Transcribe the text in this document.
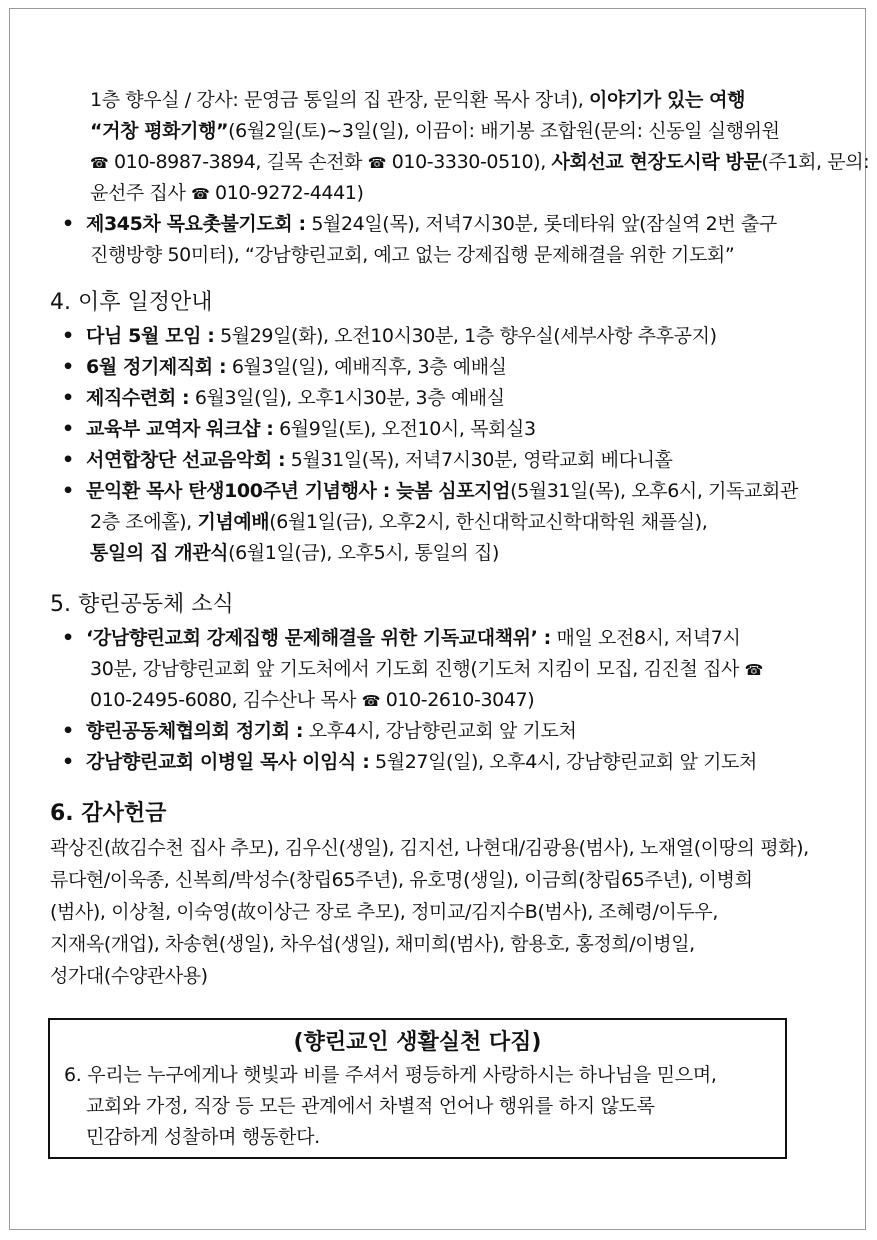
1층 향우실 / 강사: 문영금 통일의 집 관장, 문익환 목사 장녀), 이야기가 있는 여행
“거창 평화기행”(6월2일(토)~3일(일), 이끔이: 배기봉 조합원(문의: 신동일 실행위원
☎ 010-8987-3894, 길목 손전화 ☎ 010-3330-0510), 사회선교 현장도시락 방문(주1회, 문의:
윤선주 집사 ☎ 010-9272-4441)
• 제345차 목요촛불기도회 : 5월24일(목), 저녁7시30분, 롯데타워 앞(잠실역 2번 출구
진행방향 50미터), “강남향린교회, 예고 없는 강제집행 문제해결을 위한 기도회”
4. 이후 일정안내
• 다님 5월 모임 : 5월29일(화), 오전10시30분, 1층 향우실(세부사항 추후공지)
• 6월 정기제직회 : 6월3일(일), 예배직후, 3층 예배실
• 제직수련회 : 6월3일(일), 오후1시30분, 3층 예배실
• 교육부 교역자 워크샵 : 6월9일(토), 오전10시, 목회실3
• 서연합창단 선교음악회 : 5월31일(목), 저녁7시30분, 영락교회 베다니홀
• 문익환 목사 탄생100주년 기념행사 : 늦봄 심포지엄(5월31일(목), 오후6시, 기독교회관
2층 조에홀), 기념예배(6월1일(금), 오후2시, 한신대학교신학대학원 채플실),
통일의 집 개관식(6월1일(금), 오후5시, 통일의 집)
5. 향린공동체 소식
• ‘강남향린교회 강제집행 문제해결을 위한 기독교대책위’ : 매일 오전8시, 저녁7시
30분, 강남향린교회 앞 기도처에서 기도회 진행(기도처 지킴이 모집, 김진철 집사 ☎
010-2495-6080, 김수산나 목사 ☎ 010-2610-3047)
• 향린공동체협의회 정기회 : 오후4시, 강남향린교회 앞 기도처
• 강남향린교회 이병일 목사 이임식 : 5월27일(일), 오후4시, 강남향린교회 앞 기도처
6. 감사헌금
곽상진(故김수천 집사 추모), 김우신(생일), 김지선, 나현대/김광용(범사), 노재열(이땅의 평화),
류다현/이욱종, 신복희/박성수(창립65주년), 유호명(생일), 이금희(창립65주년), 이병희
(범사), 이상철, 이숙영(故이상근 장로 추모), 정미교/김지수B(범사), 조혜령/이두우,
지재옥(개업), 차송현(생일), 차우섭(생일), 채미희(범사), 함용호, 홍정희/이병일,
성가대(수양관사용)
(향린교인 생활실천 다짐)
6. 우리는 누구에게나 햇빛과 비를 주셔서 평등하게 사랑하시는 하나님을 믿으며,
교회와 가정, 직장 등 모든 관계에서 차별적 언어나 행위를 하지 않도록
민감하게 성찰하며 행동한다.
